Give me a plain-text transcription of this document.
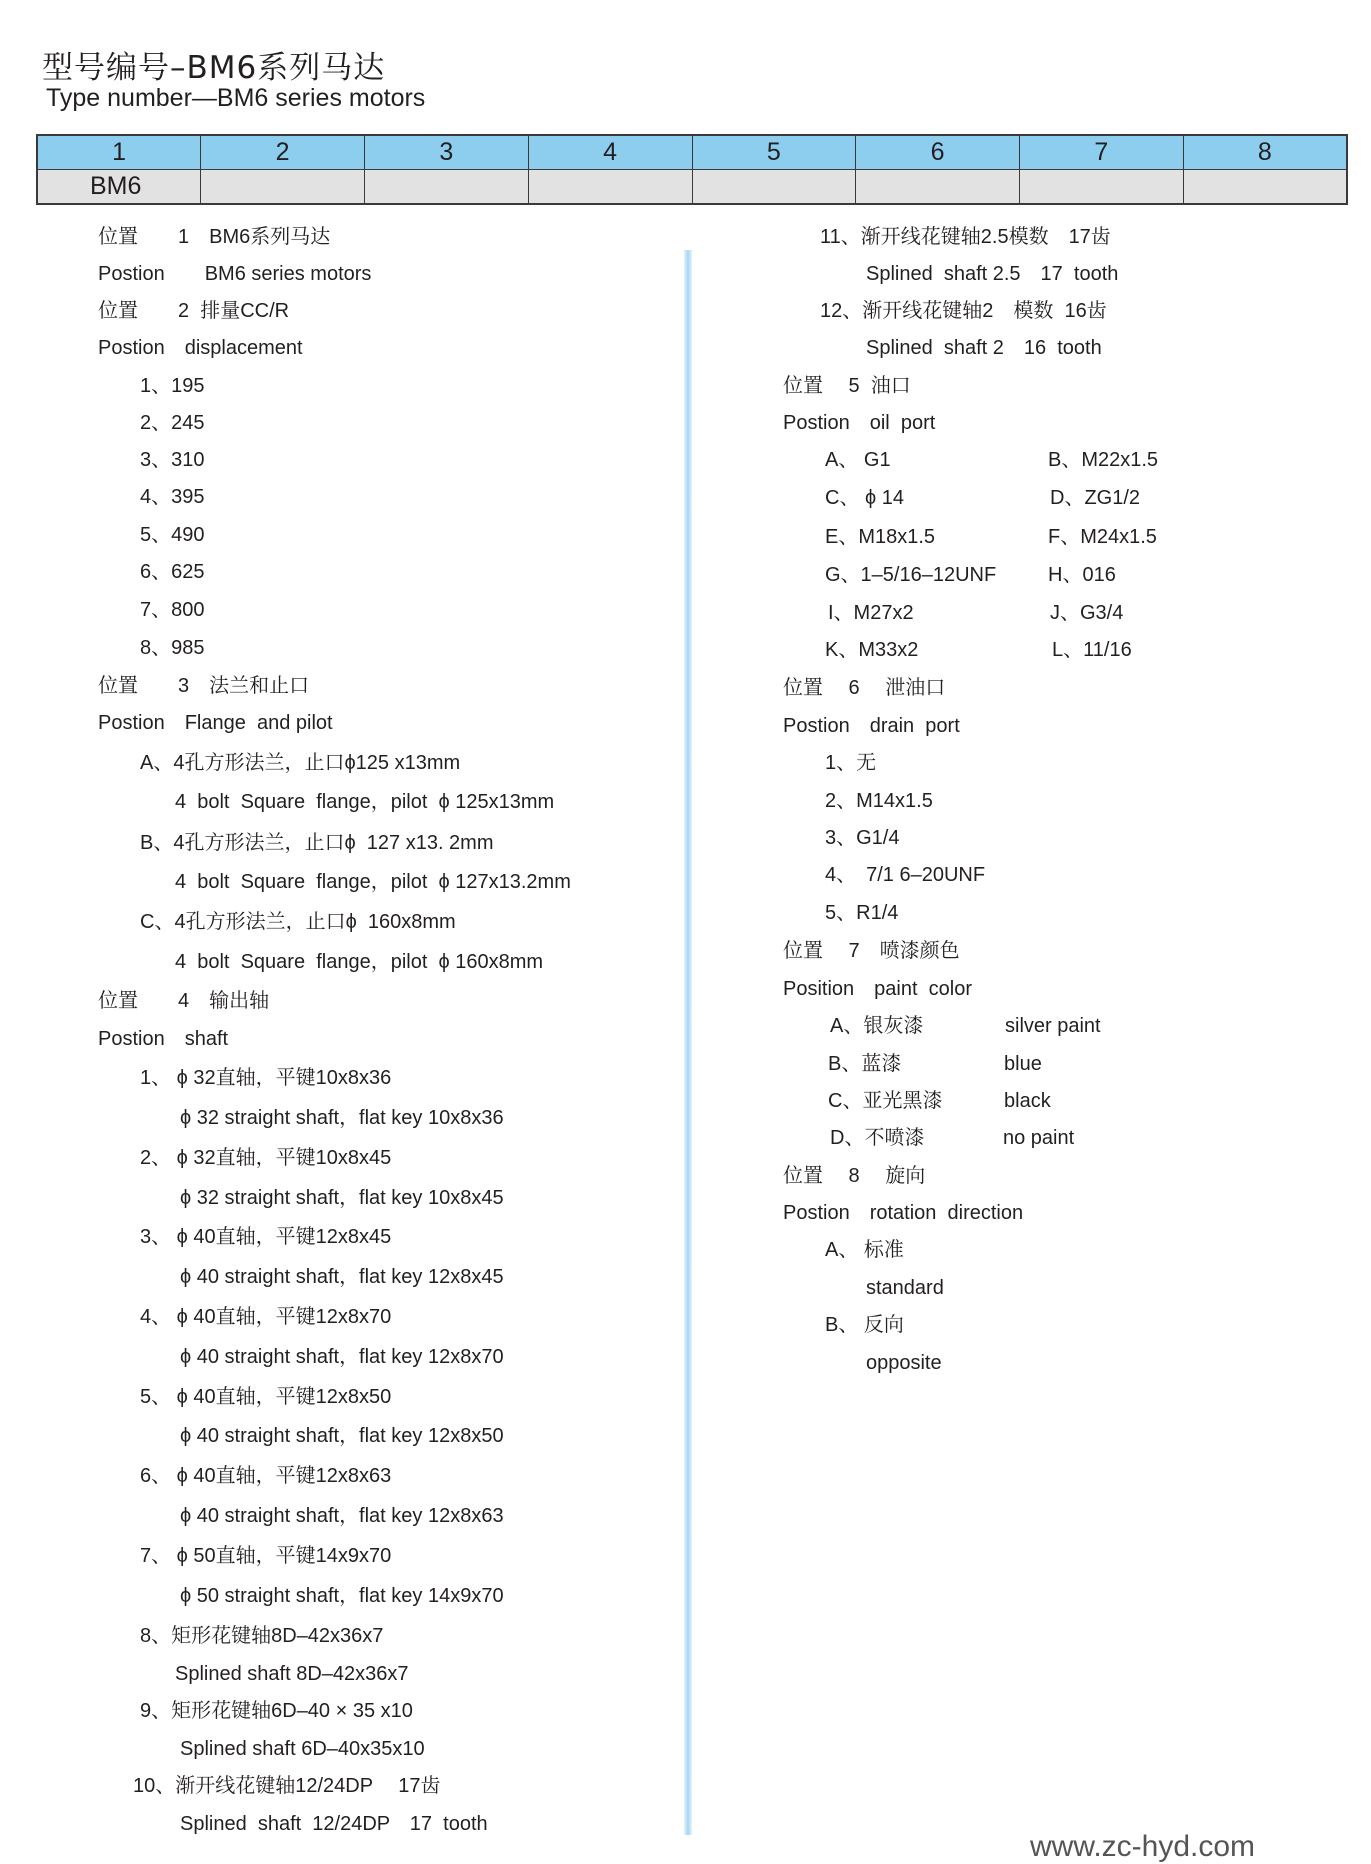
型号编号–BM6系列马达
Type number—BM6 series motors
1	2	3	4	5	6	7	8
BM6							
位置　　1　BM6系列马达
Postion　　BM6 series motors
位置　　2  排量CC/R
Postion　displacement
1、195
2、245
3、310
4、395
5、490
6、625
7、800
8、985
位置　　3　法兰和止口
Postion　Flange  and pilot
A、4孔方形法兰，止口ϕ125 x13mm
4  bolt  Square  flange，pilot  ϕ 125x13mm
B、4孔方形法兰，止口ϕ  127 x13. 2mm
4  bolt  Square  flange，pilot  ϕ 127x13.2mm
C、4孔方形法兰，止口ϕ  160x8mm
4  bolt  Square  flange，pilot  ϕ 160x8mm
位置　　4　输出轴
Postion　shaft
1、 ϕ 32直轴，平键10x8x36
ϕ 32 straight shaft，flat key 10x8x36
2、 ϕ 32直轴，平键10x8x45
ϕ 32 straight shaft，flat key 10x8x45
3、 ϕ 40直轴，平键12x8x45
ϕ 40 straight shaft，flat key 12x8x45
4、 ϕ 40直轴，平键12x8x70
ϕ 40 straight shaft，flat key 12x8x70
5、 ϕ 40直轴，平键12x8x50
ϕ 40 straight shaft，flat key 12x8x50
6、 ϕ 40直轴，平键12x8x63
ϕ 40 straight shaft，flat key 12x8x63
7、 ϕ 50直轴，平键14x9x70
ϕ 50 straight shaft，flat key 14x9x70
8、矩形花键轴8D–42x36x7
Splined shaft 8D–42x36x7
9、矩形花键轴6D–40 × 35 x10
Splined shaft 6D–40x35x10
10、渐开线花键轴12/24DP　 17齿
Splined  shaft  12/24DP　17  tooth
11、渐开线花键轴2.5模数　17齿
Splined  shaft 2.5　17  tooth
12、渐开线花键轴2　模数  16齿
Splined  shaft 2　16  tooth
位置　 5  油口
Postion　oil  port
A、 G1	B、M22x1.5
C、 ϕ 14	D、ZG1/2
E、M18x1.5	F、M24x1.5
G、1–5/16–12UNF	H、016
I、M27x2	J、G3/4
K、M33x2	L、11/16
位置　 6　 泄油口
Postion　drain  port
1、无
2、M14x1.5
3、G1/4
4、　7/1 6–20UNF
5、R1/4
位置　 7　喷漆颜色
Position　paint  color
A、银灰漆	silver paint
B、蓝漆	blue
C、亚光黑漆	black
D、不喷漆	no paint
位置　 8　 旋向
Postion　rotation  direction
A、 标准
standard
B、 反向
opposite
www.zc-hyd.com
